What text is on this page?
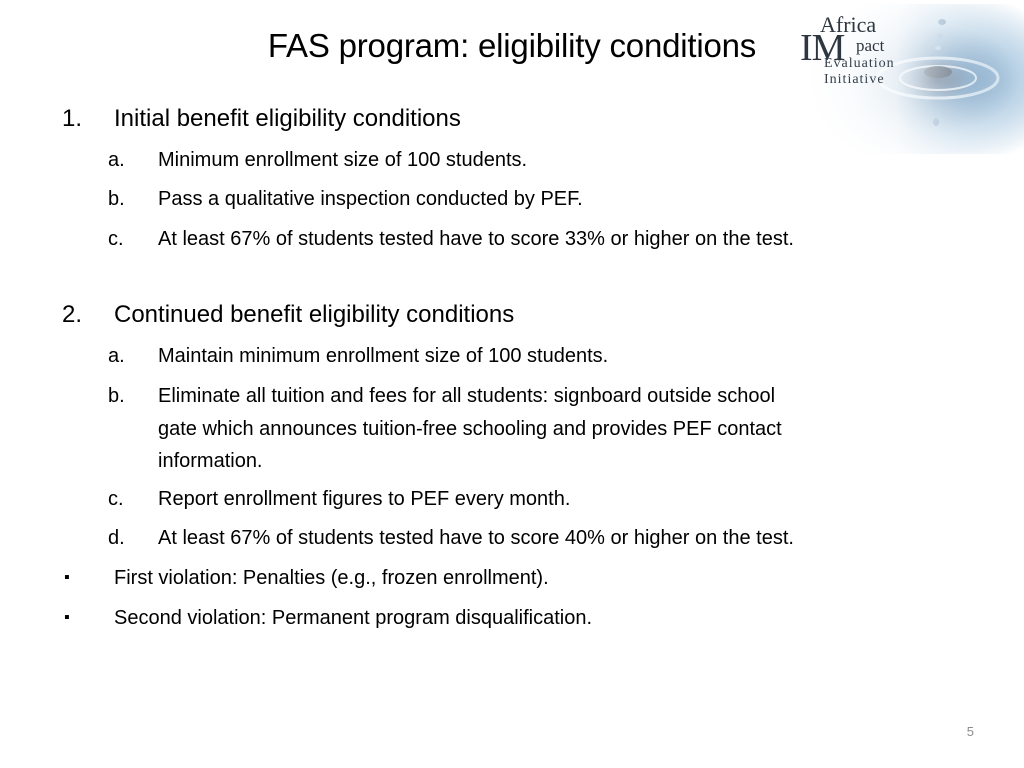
FAS program: eligibility conditions
Africa
IM pact
Evaluation
Initiative
1. Initial benefit eligibility conditions
a. Minimum enrollment size of 100 students.
b. Pass a qualitative inspection conducted by PEF.
c. At least 67% of students tested have to score 33% or higher on the test.
2. Continued benefit eligibility conditions
a. Maintain minimum enrollment size of 100 students.
b. Eliminate all tuition and fees for all students: signboard outside school
gate which announces tuition-free schooling and provides PEF contact
information.
c. Report enrollment figures to PEF every month.
d. At least 67% of students tested have to score 40% or higher on the test.
▪ First violation: Penalties (e.g., frozen enrollment).
▪ Second violation: Permanent program disqualification.
5
